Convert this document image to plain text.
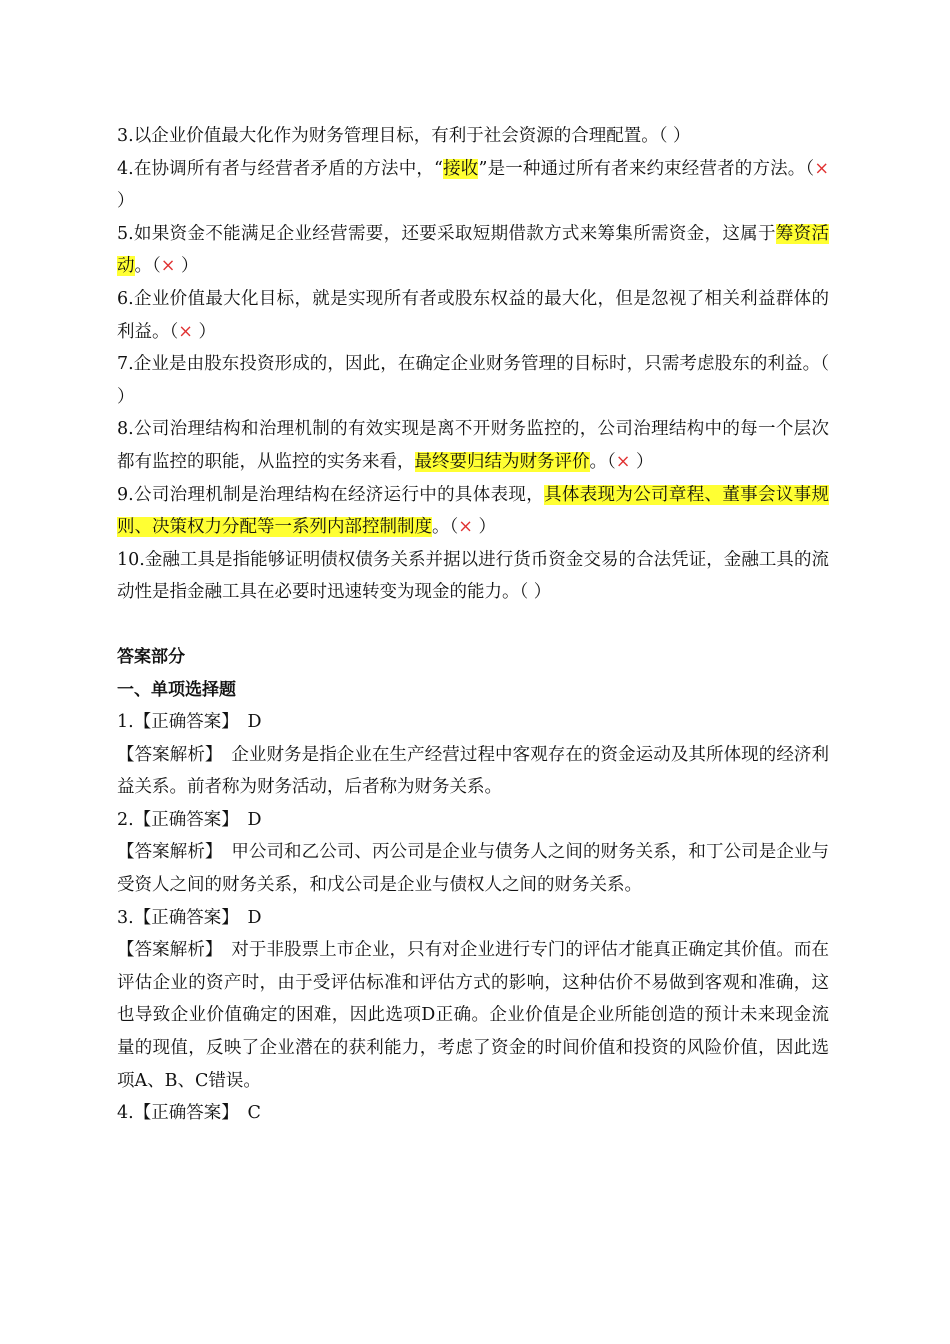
3.以企业价值最大化作为财务管理目标，有利于社会资源的合理配置。（ ）
4.在协调所有者与经营者矛盾的方法中，“接收”是一种通过所有者来约束经营者的方法。（× ）
5.如果资金不能满足企业经营需要，还要采取短期借款方式来筹集所需资金，这属于筹资活动。（× ）
6.企业价值最大化目标，就是实现所有者或股东权益的最大化，但是忽视了相关利益群体的利益。（× ）
7.企业是由股东投资形成的，因此，在确定企业财务管理的目标时，只需考虑股东的利益。（ ）
8.公司治理结构和治理机制的有效实现是离不开财务监控的，公司治理结构中的每一个层次都有监控的职能，从监控的实务来看，最终要归结为财务评价。（× ）
9.公司治理机制是治理结构在经济运行中的具体表现，具体表现为公司章程、董事会议事规则、决策权力分配等一系列内部控制制度。（× ）
10.金融工具是指能够证明债权债务关系并据以进行货币资金交易的合法凭证，金融工具的流动性是指金融工具在必要时迅速转变为现金的能力。（ ）
答案部分
一、单项选择题
1.【正确答案】　D
【答案解析】　企业财务是指企业在生产经营过程中客观存在的资金运动及其所体现的经济利益关系。前者称为财务活动，后者称为财务关系。
2.【正确答案】　D
【答案解析】　甲公司和乙公司、丙公司是企业与债务人之间的财务关系，和丁公司是企业与受资人之间的财务关系，和戊公司是企业与债权人之间的财务关系。
3.【正确答案】　D
【答案解析】　对于非股票上市企业，只有对企业进行专门的评估才能真正确定其价值。而在评估企业的资产时，由于受评估标准和评估方式的影响，这种估价不易做到客观和准确，这也导致企业价值确定的困难，因此选项D正确。企业价值是企业所能创造的预计未来现金流量的现值，反映了企业潜在的获利能力，考虑了资金的时间价值和投资的风险价值，因此选项A、B、C错误。
4.【正确答案】　C
